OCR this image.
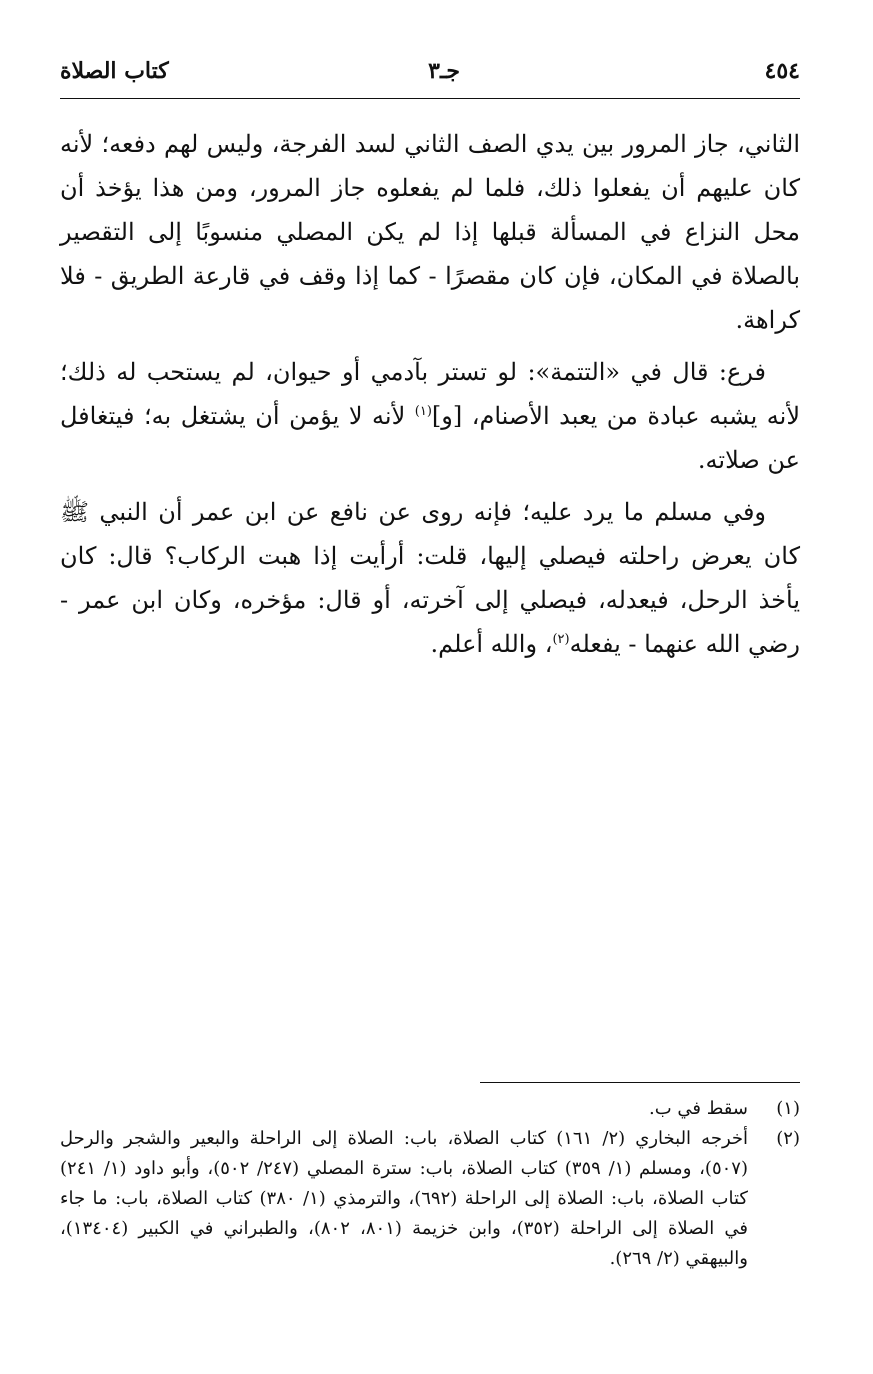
٤٥٤
جـ٣
كتاب الصلاة

الثاني، جاز المرور بين يدي الصف الثاني لسد الفرجة، وليس لهم دفعه؛ لأنه كان عليهم أن يفعلوا ذلك، فلما لم يفعلوه جاز المرور، ومن هذا يؤخذ أن محل النزاع في المسألة قبلها إذا لم يكن المصلي منسوبًا إلى التقصير بالصلاة في المكان، فإن كان مقصرًا - كما إذا وقف في قارعة الطريق - فلا كراهة.

فرع: قال في «التتمة»: لو تستر بآدمي أو حيوان، لم يستحب له ذلك؛ لأنه يشبه عبادة من يعبد الأصنام، [و]$^{(١)}$ لأنه لا يؤمن أن يشتغل به؛ فيتغافل عن صلاته.

وفي مسلم ما يرد عليه؛ فإنه روى عن نافع عن ابن عمر أن النبي ﷺ كان يعرض راحلته فيصلي إليها، قلت: أرأيت إذا هبت الركاب؟ قال: كان يأخذ الرحل، فيعدله، فيصلي إلى آخرته، أو قال: مؤخره، وكان ابن عمر - رضي الله عنهما - يفعله$^{(٢)}$، والله أعلم.

(١)
سقط في ب.
(٢)
أخرجه البخاري (٢/ ١٦١) كتاب الصلاة، باب: الصلاة إلى الراحلة والبعير والشجر والرحل (٥٠٧)، ومسلم (١/ ٣٥٩) كتاب الصلاة، باب: سترة المصلي (٢٤٧/ ٥٠٢)، وأبو داود (١/ ٢٤١) كتاب الصلاة، باب: الصلاة إلى الراحلة (٦٩٢)، والترمذي (١/ ٣٨٠) كتاب الصلاة، باب: ما جاء في الصلاة إلى الراحلة (٣٥٢)، وابن خزيمة (٨٠١، ٨٠٢)، والطبراني في الكبير (١٣٤٠٤)، والبيهقي (٢/ ٢٦٩).
